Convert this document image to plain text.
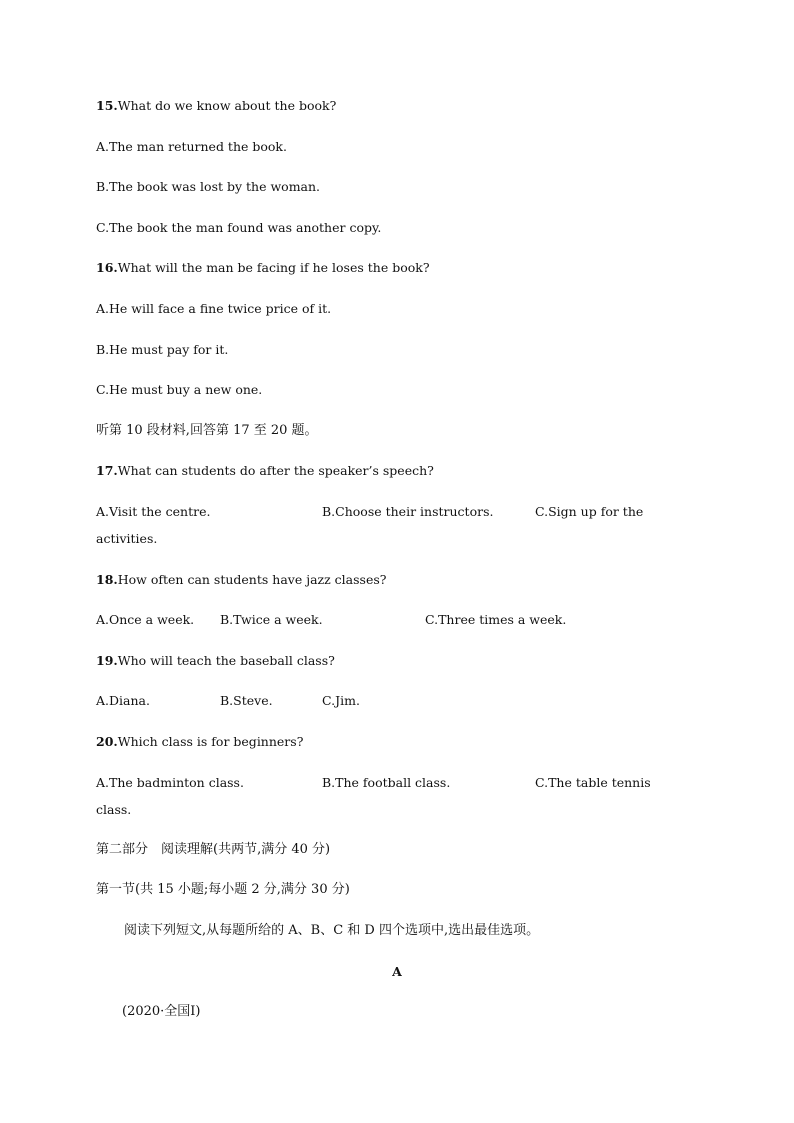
15.What do we know about the book?
A.The man returned the book.
B.The book was lost by the woman.
C.The book the man found was another copy.
16.What will the man be facing if he loses the book?
A.He will face a fine twice price of it.
B.He must pay for it.
C.He must buy a new one.
听第 10 段材料,回答第 17 至 20 题。
17.What can students do after the speaker’s speech?
A.Visit the centre.	B.Choose their instructors.	C.Sign up for the
activities.
18.How often can students have jazz classes?
A.Once a week. B.Twice a week.	C.Three times a week.
19.Who will teach the baseball class?
A.Diana.	B.Steve.	C.Jim.
20.Which class is for beginners?
A.The badminton class.	B.The football class.	C.The table tennis
class.
第二部分　阅读理解(共两节,满分 40 分)
第一节(共 15 小题;每小题 2 分,满分 30 分)
阅读下列短文,从每题所给的 A、B、C 和 D 四个选项中,选出最佳选项。
A
(2020·全国Ⅰ)
